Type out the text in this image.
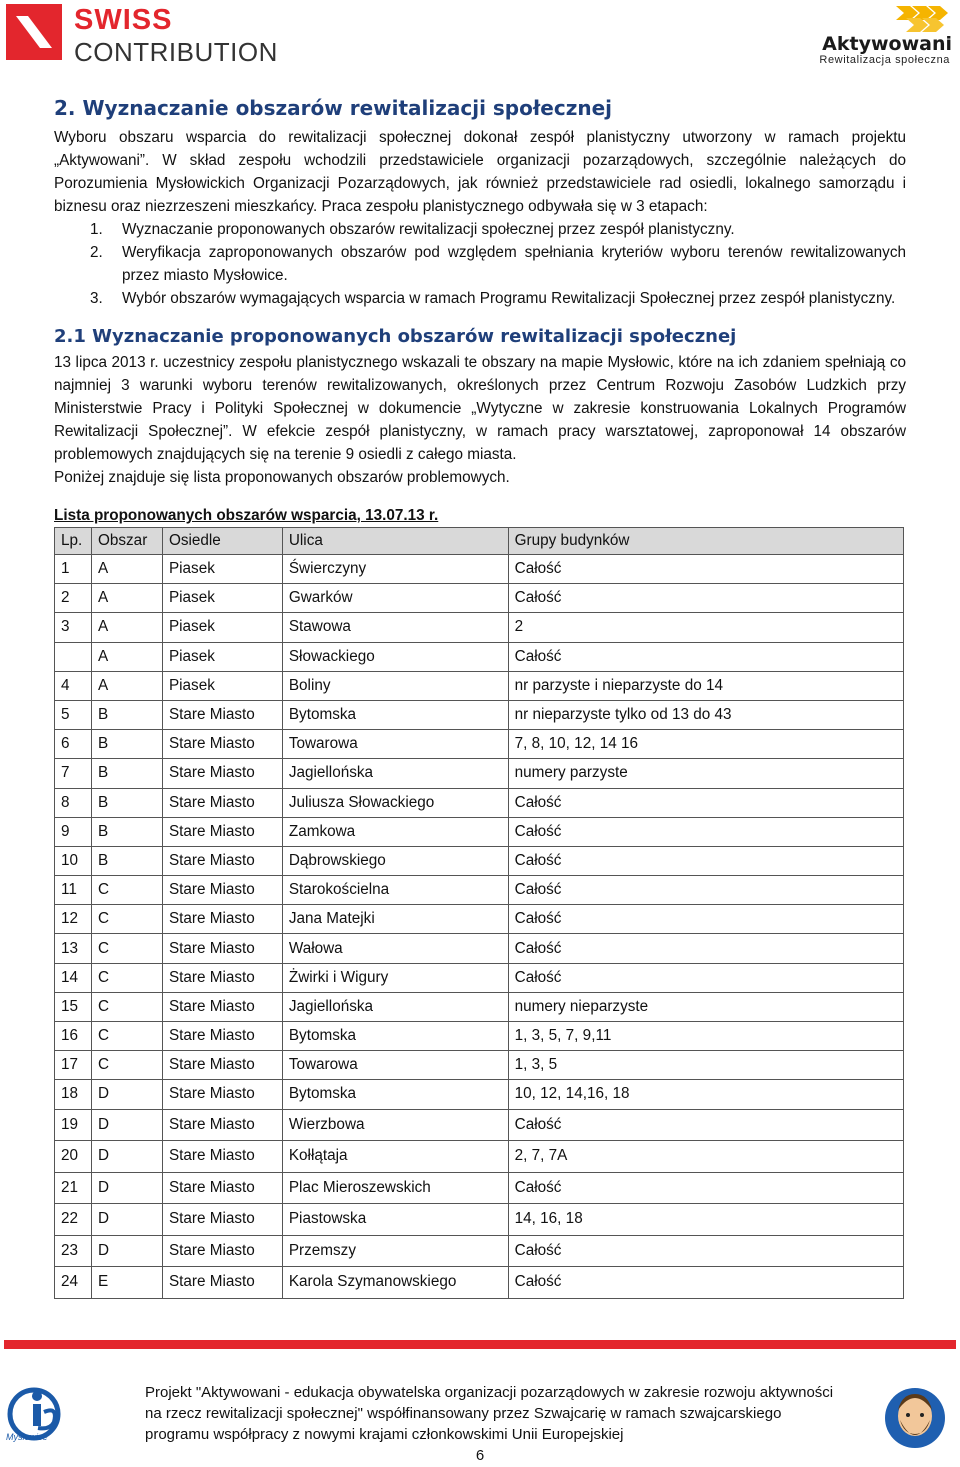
SWISS
CONTRIBUTION	Aktywowani
Rewitalizacja społeczna
2. Wyznaczanie obszarów rewitalizacji społecznej

Wyboru obszaru wsparcia do rewitalizacji społecznej dokonał zespół planistyczny utworzony w ramach projektu „Aktywowani”. W skład zespołu wchodzili przedstawiciele organizacji pozarządowych, szczególnie należących do Porozumienia Mysłowickich Organizacji Pozarządowych, jak również przedstawiciele rad osiedli, lokalnego samorządu i biznesu oraz niezrzeszeni mieszkańcy. Praca zespołu planistycznego odbywała się w 3 etapach:

1. Wyznaczanie proponowanych obszarów rewitalizacji społecznej przez zespół planistyczny.
2. Weryfikacja zaproponowanych obszarów pod względem spełniania kryteriów wyboru terenów rewitalizowanych przez miasto Mysłowice.
3. Wybór obszarów wymagających wsparcia w ramach Programu Rewitalizacji Społecznej przez zespół planistyczny.
2.1 Wyznaczanie proponowanych obszarów rewitalizacji społecznej

13 lipca 2013 r. uczestnicy zespołu planistycznego wskazali te obszary na mapie Mysłowic, które na ich zdaniem spełniają co najmniej 3 warunki wyboru terenów rewitalizowanych, określonych przez Centrum Rozwoju Zasobów Ludzkich przy Ministerstwie Pracy i Polityki Społecznej w dokumencie „Wytyczne w zakresie konstruowania Lokalnych Programów Rewitalizacji Społecznej”. W efekcie zespół planistyczny, w ramach pracy warsztatowej, zaproponował 14 obszarów problemowych znajdujących się na terenie 9 osiedli z całego miasta.

Poniżej znajduje się lista proponowanych obszarów problemowych.

Lista proponowanych obszarów wsparcia, 13.07.13 r.
Lp.	Obszar	Osiedle	Ulica	Grupy budynków
1	A	Piasek	Świerczyny	Całość
2	A	Piasek	Gwarków	Całość
3	A	Piasek	Stawowa	2
	A	Piasek	Słowackiego	Całość
4	A	Piasek	Boliny	nr parzyste i nieparzyste do 14
5	B	Stare Miasto	Bytomska	nr nieparzyste tylko od 13 do 43
6	B	Stare Miasto	Towarowa	7, 8, 10, 12, 14 16
7	B	Stare Miasto	Jagiellońska	numery parzyste
8	B	Stare Miasto	Juliusza Słowackiego	Całość
9	B	Stare Miasto	Zamkowa	Całość
10	B	Stare Miasto	Dąbrowskiego	Całość
11	C	Stare Miasto	Starokościelna	Całość
12	C	Stare Miasto	Jana Matejki	Całość
13	C	Stare Miasto	Wałowa	Całość
14	C	Stare Miasto	Żwirki i Wigury	Całość
15	C	Stare Miasto	Jagiellońska	numery nieparzyste
16	C	Stare Miasto	Bytomska	1, 3, 5, 7, 9,11
17	C	Stare Miasto	Towarowa	1, 3, 5
18	D	Stare Miasto	Bytomska	10, 12, 14,16, 18
19	D	Stare Miasto	Wierzbowa	Całość
20	D	Stare Miasto	Kołłątaja	2, 7, 7A
21	D	Stare Miasto	Plac Mieroszewskich	Całość
22	D	Stare Miasto	Piastowska	14, 16, 18
23	D	Stare Miasto	Przemszy	Całość
24	E	Stare Miasto	Karola Szymanowskiego	Całość
Mysłowice
Projekt "Aktywowani - edukacja obywatelska organizacji pozarządowych w zakresie rozwoju aktywności na rzecz rewitalizacji społecznej" współfinansowany przez Szwajcarię w ramach szwajcarskiego programu współpracy z nowymi krajami członkowskimi Unii Europejskiej
6
